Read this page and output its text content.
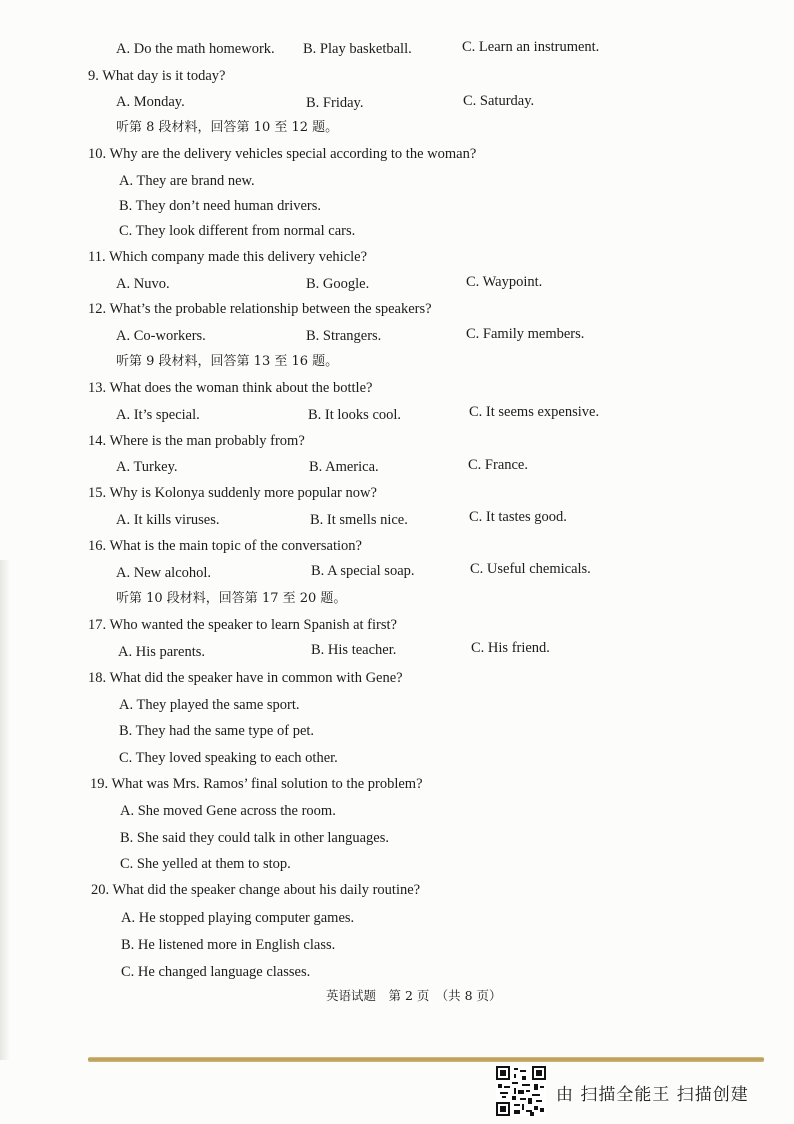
A. Do the math homework. B. Play basketball.	C. Learn an instrument.
9. What day is it today?
A. Monday.	B. Friday.	C. Saturday.
听第 8 段材料，回答第 10 至 12 题。
10. Why are the delivery vehicles special according to the woman?
A. They are brand new.
B. They don’t need human drivers.
C. They look different from normal cars.
11. Which company made this delivery vehicle?
A. Nuvo.	B. Google.	C. Waypoint.
12. What’s the probable relationship between the speakers?
A. Co-workers.	B. Strangers.	C. Family members.
听第 9 段材料，回答第 13 至 16 题。
13. What does the woman think about the bottle?
A. It’s special.	B. It looks cool.	C. It seems expensive.
14. Where is the man probably from?
A. Turkey.	B. America.	C. France.
15. Why is Kolonya suddenly more popular now?
A. It kills viruses.	B. It smells nice.	C. It tastes good.
16. What is the main topic of the conversation?
A. New alcohol.	B. A special soap.	C. Useful chemicals.
听第 10 段材料，回答第 17 至 20 题。
17. Who wanted the speaker to learn Spanish at first?
A. His parents.	B. His teacher.	C. His friend.
18. What did the speaker have in common with Gene?
A. They played the same sport.
B. They had the same type of pet.
C. They loved speaking to each other.
19. What was Mrs. Ramos’ final solution to the problem?
A. She moved Gene across the room.
B. She said they could talk in other languages.
C. She yelled at them to stop.
20. What did the speaker change about his daily routine?
A. He stopped playing computer games.
B. He listened more in English class.
C. He changed language classes.
英语试题　第 2 页　（共 8 页）
由 扫描全能王 扫描创建
